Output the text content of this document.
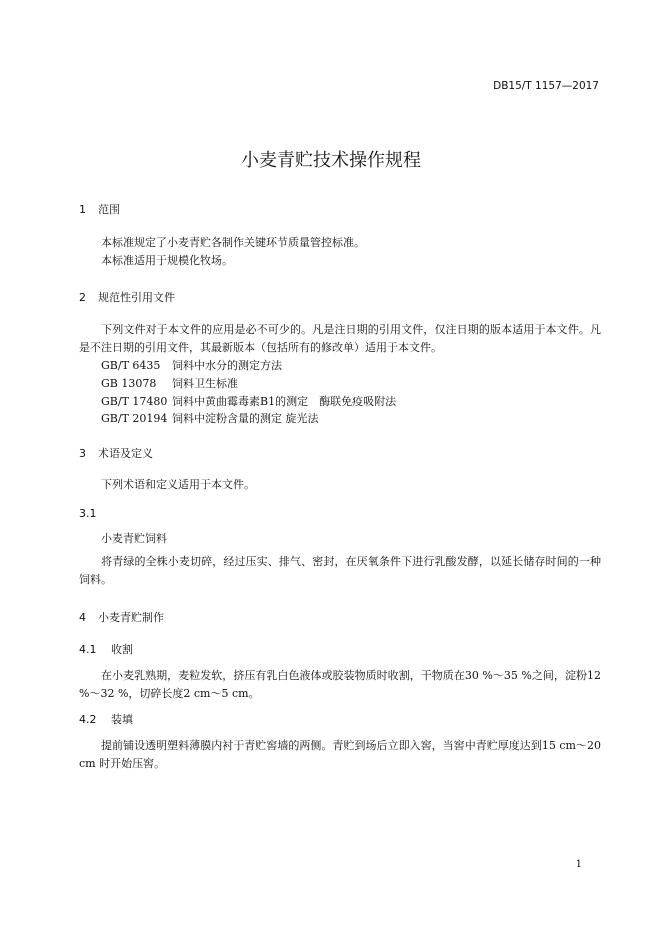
DB15/T 1157—2017
小麦青贮技术操作规程
1 范围
本标准规定了小麦青贮各制作关键环节质量管控标准。
本标准适用于规模化牧场。
2 规范性引用文件
下列文件对于本文件的应用是必不可少的。凡是注日期的引用文件，仅注日期的版本适用于本文件。凡是不注日期的引用文件，其最新版本（包括所有的修改单）适用于本文件。
GB/T 6435 饲料中水分的测定方法
GB 13078 饲料卫生标准
GB/T 17480 饲料中黄曲霉毒素B1的测定　酶联免疫吸附法
GB/T 20194 饲料中淀粉含量的测定 旋光法
3 术语及定义
下列术语和定义适用于本文件。
3.1
小麦青贮饲料
将青绿的全株小麦切碎，经过压实、排气、密封，在厌氧条件下进行乳酸发酵，以延长储存时间的一种饲料。
4 小麦青贮制作
4.1 收割
在小麦乳熟期，麦粒发软，挤压有乳白色液体或胶装物质时收割，干物质在30 %～35 %之间，淀粉12 %～32 %，切碎长度2 cm～5 cm。
4.2 装填
提前铺设透明塑料薄膜内衬于青贮窖墙的两侧。青贮到场后立即入窖，当窖中青贮厚度达到15 cm～20 cm 时开始压窖。
1
